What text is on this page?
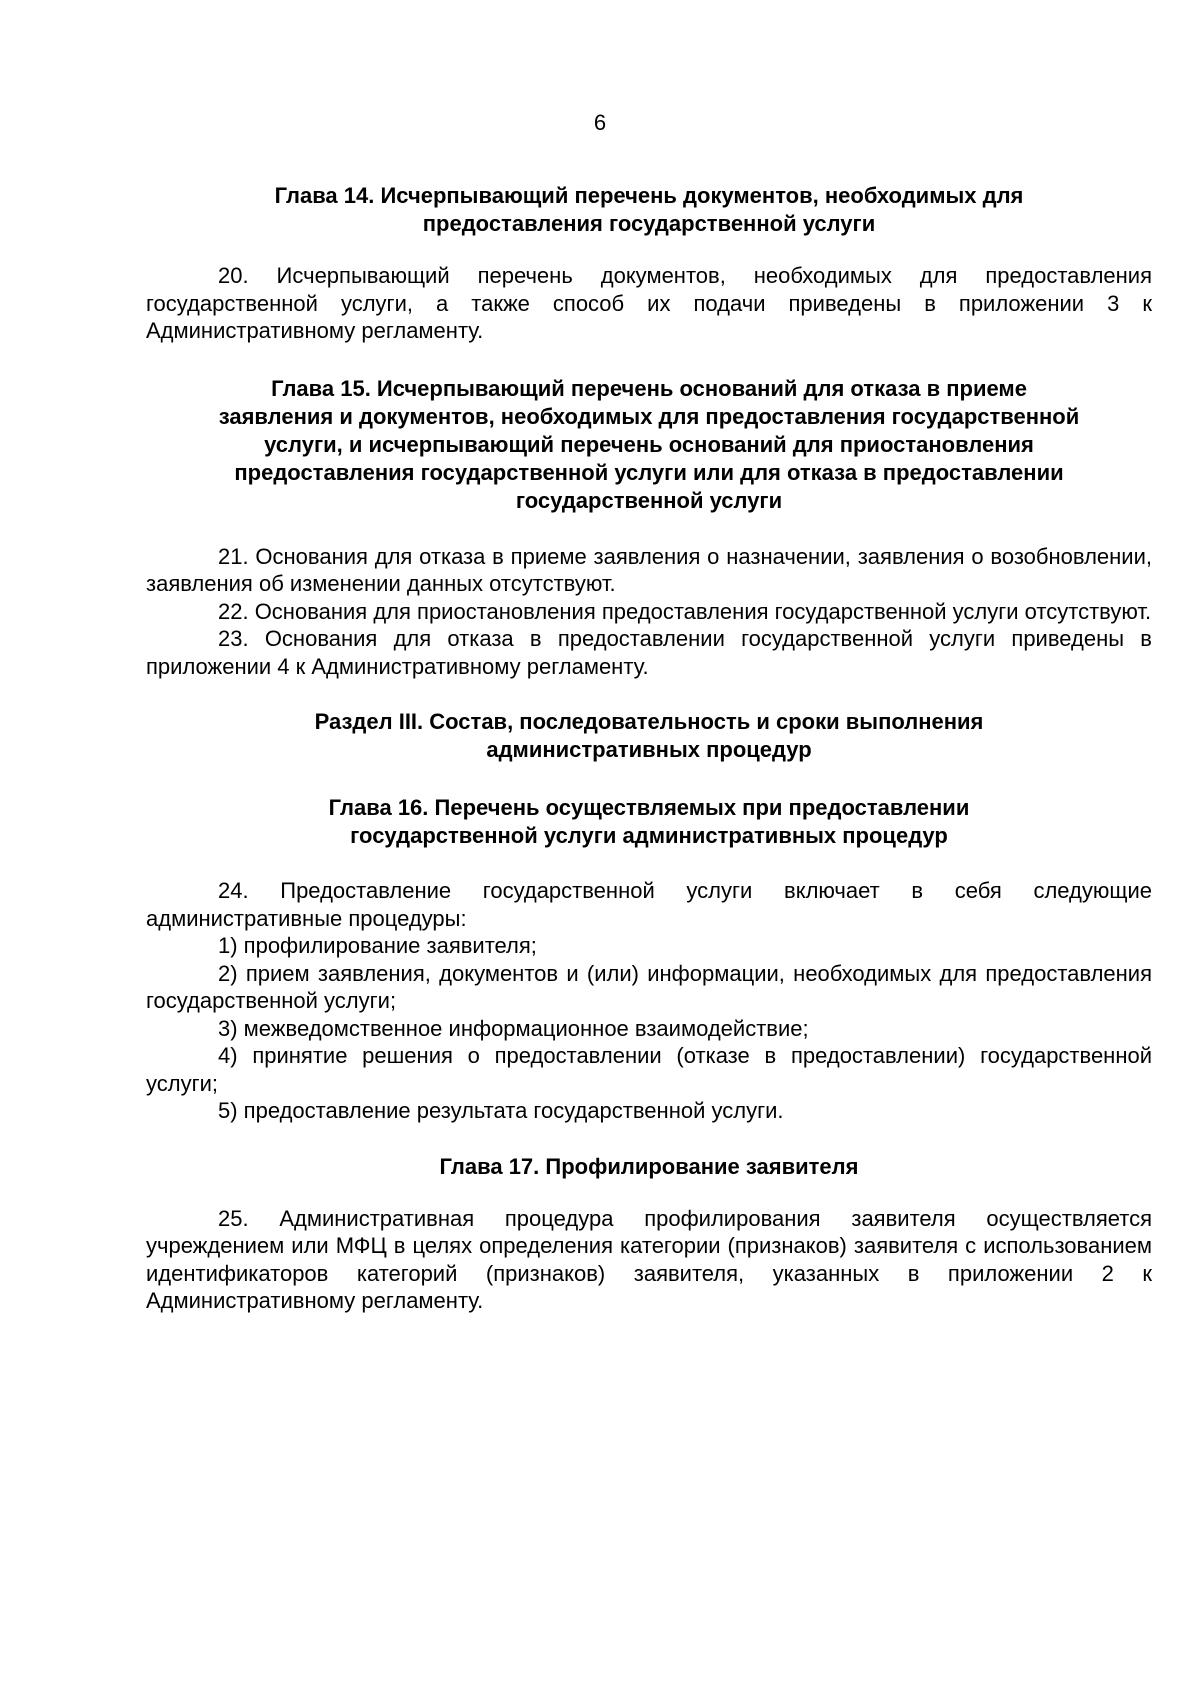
6
Глава 14. Исчерпывающий перечень документов, необходимых для
предоставления государственной услуги

20. Исчерпывающий перечень документов, необходимых для предоставления государственной услуги, а также способ их подачи приведены в приложении 3 к Административному регламенту.

Глава 15. Исчерпывающий перечень оснований для отказа в приеме
заявления и документов, необходимых для предоставления государственной
услуги, и исчерпывающий перечень оснований для приостановления
предоставления государственной услуги или для отказа в предоставлении
государственной услуги

21. Основания для отказа в приеме заявления о назначении, заявления о возобновлении, заявления об изменении данных отсутствуют.

22. Основания для приостановления предоставления государственной услуги отсутствуют.

23. Основания для отказа в предоставлении государственной услуги приведены в приложении 4 к Административному регламенту.

Раздел III. Состав, последовательность и сроки выполнения
административных процедур
Глава 16. Перечень осуществляемых при предоставлении
государственной услуги административных процедур

24. Предоставление государственной услуги включает в себя следующие административные процедуры:

1) профилирование заявителя;

2) прием заявления, документов и (или) информации, необходимых для предоставления государственной услуги;

3) межведомственное информационное взаимодействие;

4) принятие решения о предоставлении (отказе в предоставлении) государственной услуги;

5) предоставление результата государственной услуги.

Глава 17. Профилирование заявителя

25. Административная процедура профилирования заявителя осуществляется учреждением или МФЦ в целях определения категории (признаков) заявителя с использованием идентификаторов категорий (признаков) заявителя, указанных в приложении 2 к Административному регламенту.
